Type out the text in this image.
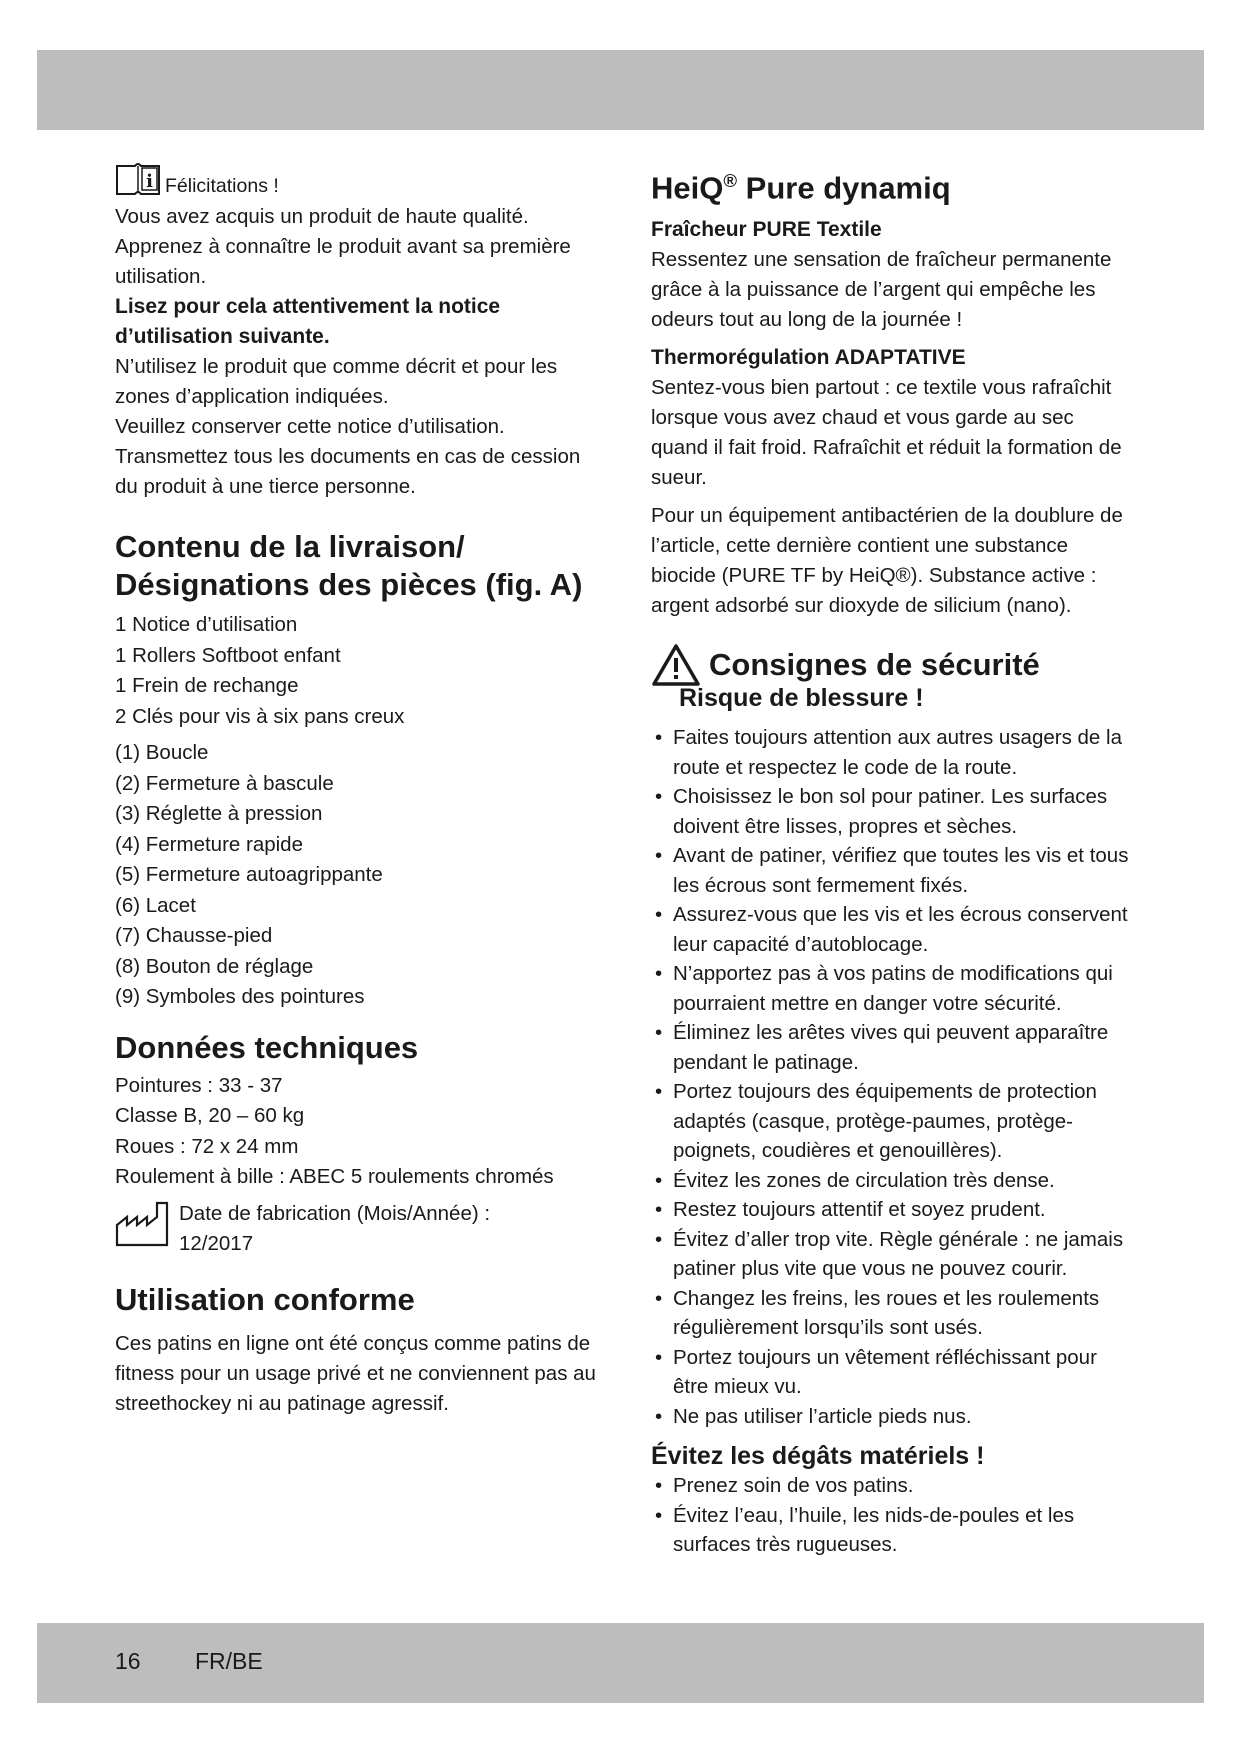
i Félicitations !

Vous avez acquis un produit de haute qualité.

Apprenez à connaître le produit avant sa première utilisation.

Lisez pour cela attentivement la notice d’utilisation suivante.

N’utilisez le produit que comme décrit et pour les zones d’application indiquées.

Veuillez conserver cette notice d’utilisation.

Transmettez tous les documents en cas de cession du produit à une tierce personne.

Contenu de la livraison/ Désignations des pièces (fig. A)

1 Notice d’utilisation
1 Rollers Softboot enfant
1 Frein de rechange
2 Clés pour vis à six pans creux
(1) Boucle
(2) Fermeture à bascule
(3) Réglette à pression
(4) Fermeture rapide
(5) Fermeture autoagrippante
(6) Lacet
(7) Chausse-pied
(8) Bouton de réglage
(9) Symboles des pointures

Données techniques

Pointures : 33 - 37
Classe B, 20 – 60 kg
Roues : 72 x 24 mm
Roulement à bille : ABEC 5 roulements chromés

Date de fabrication (Mois/Année) : 12/2017

Utilisation conforme

Ces patins en ligne ont été conçus comme patins de fitness pour un usage privé et ne conviennent pas au streethockey ni au patinage agressif.

HeiQ® Pure dynamiq

Fraîcheur PURE Textile

Ressentez une sensation de fraîcheur permanente grâce à la puissance de l’argent qui empêche les odeurs tout au long de la journée !

Thermorégulation ADAPTATIVE

Sentez-vous bien partout : ce textile vous rafraîchit lorsque vous avez chaud et vous garde au sec quand il fait froid. Rafraîchit et réduit la formation de sueur.

Pour un équipement antibactérien de la doublure de l’article, cette dernière contient une substance biocide (PURE TF by HeiQ®). Substance active : argent adsorbé sur dioxyde de silicium (nano).

Consignes de sécurité

Risque de blessure !

• Faites toujours attention aux autres usagers de la route et respectez le code de la route.
• Choisissez le bon sol pour patiner. Les surfaces doivent être lisses, propres et sèches.
• Avant de patiner, vérifiez que toutes les vis et tous les écrous sont fermement fixés.
• Assurez-vous que les vis et les écrous conservent leur capacité d’autoblocage.
• N’apportez pas à vos patins de modifications qui pourraient mettre en danger votre sécurité.
• Éliminez les arêtes vives qui peuvent apparaître pendant le patinage.
• Portez toujours des équipements de protection adaptés (casque, protège-paumes, protège-poignets, coudières et genouillères).
• Évitez les zones de circulation très dense.
• Restez toujours attentif et soyez prudent.
• Évitez d’aller trop vite. Règle générale : ne jamais patiner plus vite que vous ne pouvez courir.
• Changez les freins, les roues et les roulements régulièrement lorsqu’ils sont usés.
• Portez toujours un vêtement réfléchissant pour être mieux vu.
• Ne pas utiliser l’article pieds nus.

Évitez les dégâts matériels !

• Prenez soin de vos patins.
• Évitez l’eau, l’huile, les nids-de-poules et les surfaces très rugueuses.
16 FR/BE
